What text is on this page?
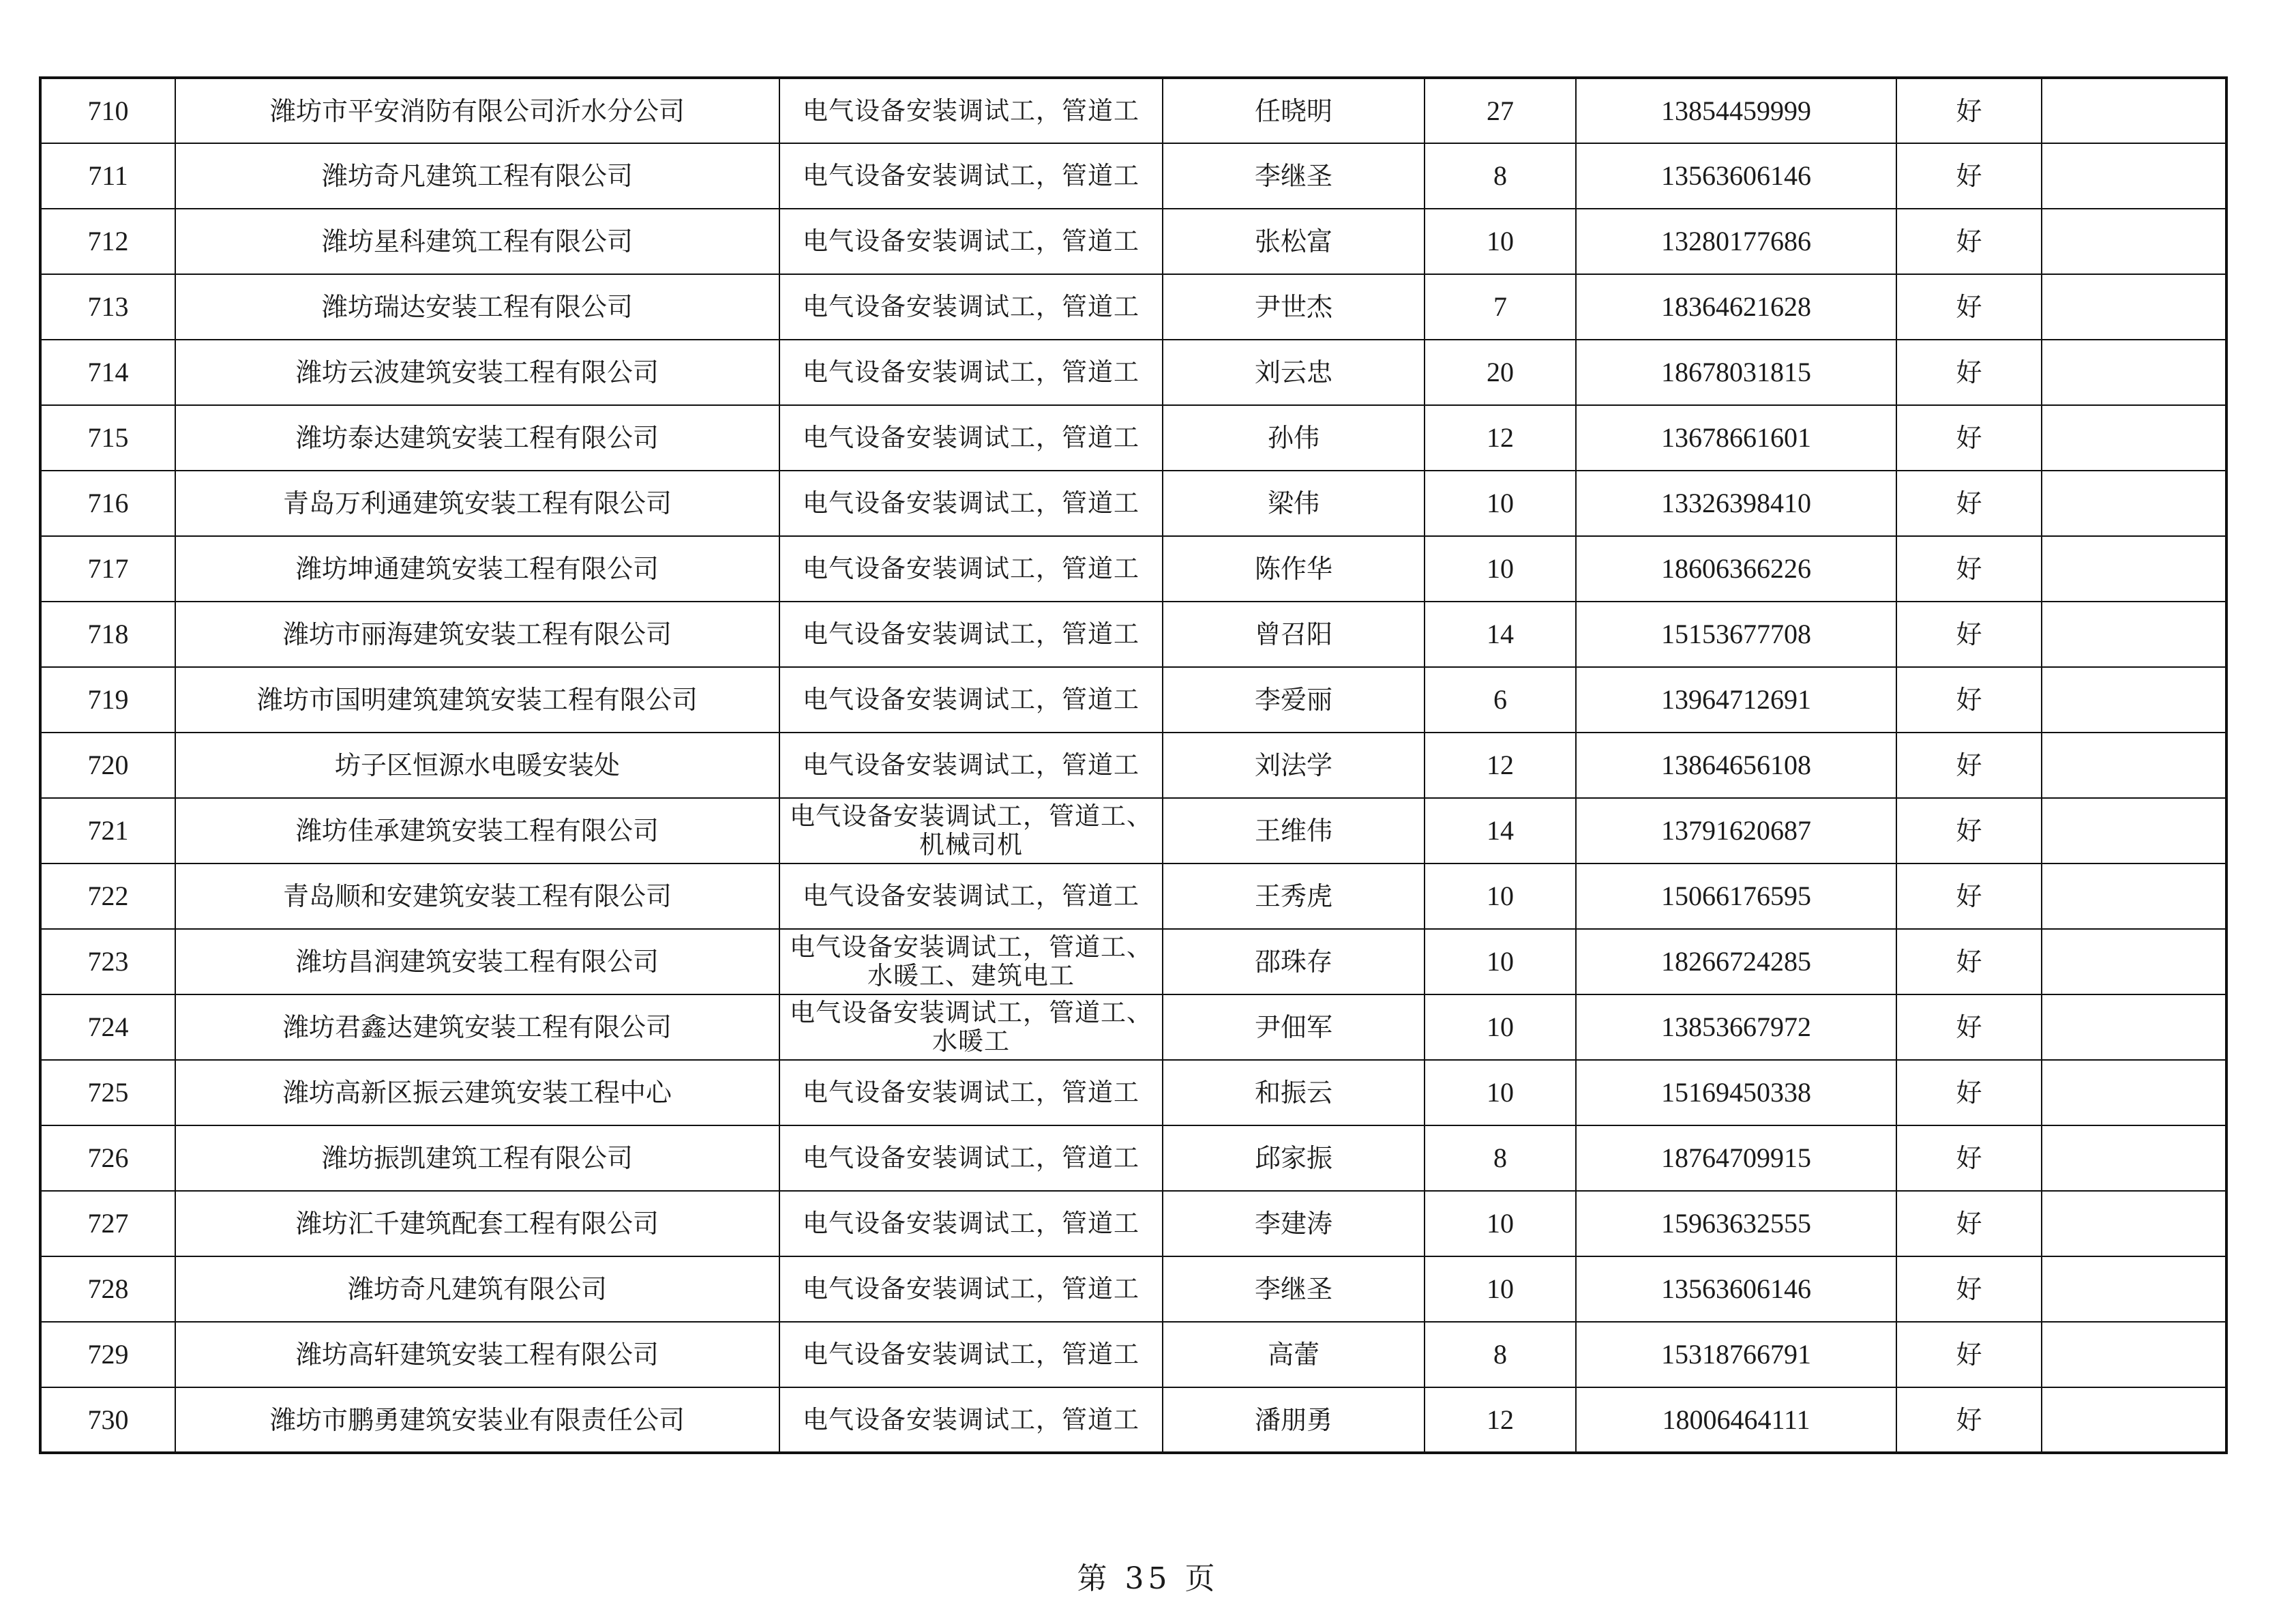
710	潍坊市平安消防有限公司沂水分公司	电气设备安装调试工，管道工	任晓明	27	13854459999	好	
711	潍坊奇凡建筑工程有限公司	电气设备安装调试工，管道工	李继圣	8	13563606146	好	
712	潍坊星科建筑工程有限公司	电气设备安装调试工，管道工	张松富	10	13280177686	好	
713	潍坊瑞达安装工程有限公司	电气设备安装调试工，管道工	尹世杰	7	18364621628	好	
714	潍坊云波建筑安装工程有限公司	电气设备安装调试工，管道工	刘云忠	20	18678031815	好	
715	潍坊泰达建筑安装工程有限公司	电气设备安装调试工，管道工	孙伟	12	13678661601	好	
716	青岛万利通建筑安装工程有限公司	电气设备安装调试工，管道工	梁伟	10	13326398410	好	
717	潍坊坤通建筑安装工程有限公司	电气设备安装调试工，管道工	陈作华	10	18606366226	好	
718	潍坊市丽海建筑安装工程有限公司	电气设备安装调试工，管道工	曾召阳	14	15153677708	好	
719	潍坊市国明建筑建筑安装工程有限公司	电气设备安装调试工，管道工	李爱丽	6	13964712691	好	
720	坊子区恒源水电暖安装处	电气设备安装调试工，管道工	刘法学	12	13864656108	好	
721	潍坊佳承建筑安装工程有限公司	电气设备安装调试工，管道工、机械司机	王维伟	14	13791620687	好	
722	青岛顺和安建筑安装工程有限公司	电气设备安装调试工，管道工	王秀虎	10	15066176595	好	
723	潍坊昌润建筑安装工程有限公司	电气设备安装调试工，管道工、水暖工、建筑电工	邵珠存	10	18266724285	好	
724	潍坊君鑫达建筑安装工程有限公司	电气设备安装调试工，管道工、水暖工	尹佃军	10	13853667972	好	
725	潍坊高新区振云建筑安装工程中心	电气设备安装调试工，管道工	和振云	10	15169450338	好	
726	潍坊振凯建筑工程有限公司	电气设备安装调试工，管道工	邱家振	8	18764709915	好	
727	潍坊汇千建筑配套工程有限公司	电气设备安装调试工，管道工	李建涛	10	15963632555	好	
728	潍坊奇凡建筑有限公司	电气设备安装调试工，管道工	李继圣	10	13563606146	好	
729	潍坊高轩建筑安装工程有限公司	电气设备安装调试工，管道工	高蕾	8	15318766791	好	
730	潍坊市鹏勇建筑安装业有限责任公司	电气设备安装调试工，管道工	潘朋勇	12	18006464111	好	
第 35 页
